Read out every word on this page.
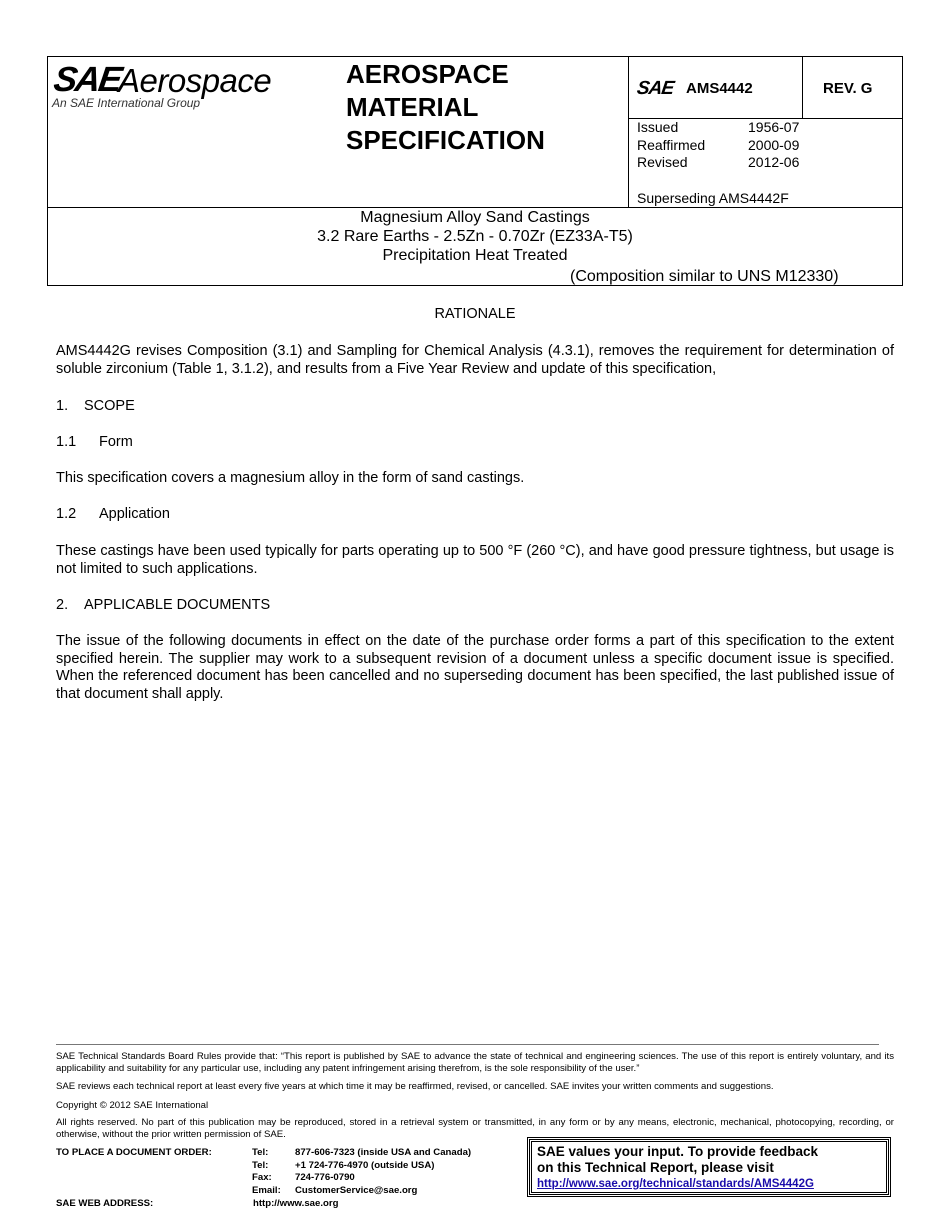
SAE
Aerospace
An SAE International Group
AEROSPACE
MATERIAL
SPECIFICATION
SAE AMS4442	REV. G
Issued	1956-07
Reaffirmed	2000-09
Revised	2012-06
Superseding AMS4442F
Magnesium Alloy Sand Castings
3.2 Rare Earths - 2.5Zn - 0.70Zr (EZ33A-T5)
Precipitation Heat Treated
(Composition similar to UNS M12330)
RATIONALE
AMS4442G revises Composition (3.1) and Sampling for Chemical Analysis (4.3.1), removes the requirement for determination of soluble zirconium (Table 1, 3.1.2), and results from a Five Year Review and update of this specification,
1. SCOPE
1.1 Form
This specification covers a magnesium alloy in the form of sand castings.
1.2 Application
These castings have been used typically for parts operating up to 500 °F (260 °C), and have good pressure tightness, but usage is not limited to such applications.
2. APPLICABLE DOCUMENTS
The issue of the following documents in effect on the date of the purchase order forms a part of this specification to the extent specified herein. The supplier may work to a subsequent revision of a document unless a specific document issue is specified. When the referenced document has been cancelled and no superseding document has been specified, the last published issue of that document shall apply.
SAE Technical Standards Board Rules provide that: “This report is published by SAE to advance the state of technical and engineering sciences. The use of this report is entirely voluntary, and its applicability and suitability for any particular use, including any patent infringement arising therefrom, is the sole responsibility of the user.”
SAE reviews each technical report at least every five years at which time it may be reaffirmed, revised, or cancelled. SAE invites your written comments and suggestions.
Copyright © 2012 SAE International
All rights reserved. No part of this publication may be reproduced, stored in a retrieval system or transmitted, in any form or by any means, electronic, mechanical, photocopying, recording, or otherwise, without the prior written permission of SAE.
TO PLACE A DOCUMENT ORDER:	Tel:	877-606-7323 (inside USA and Canada)
Tel:	+1 724-776-4970 (outside USA)
Fax:	724-776-0790
Email:	CustomerService@sae.org
SAE WEB ADDRESS:	http://www.sae.org
SAE values your input. To provide feedback
on this Technical Report, please visit
http://www.sae.org/technical/standards/AMS4442G
